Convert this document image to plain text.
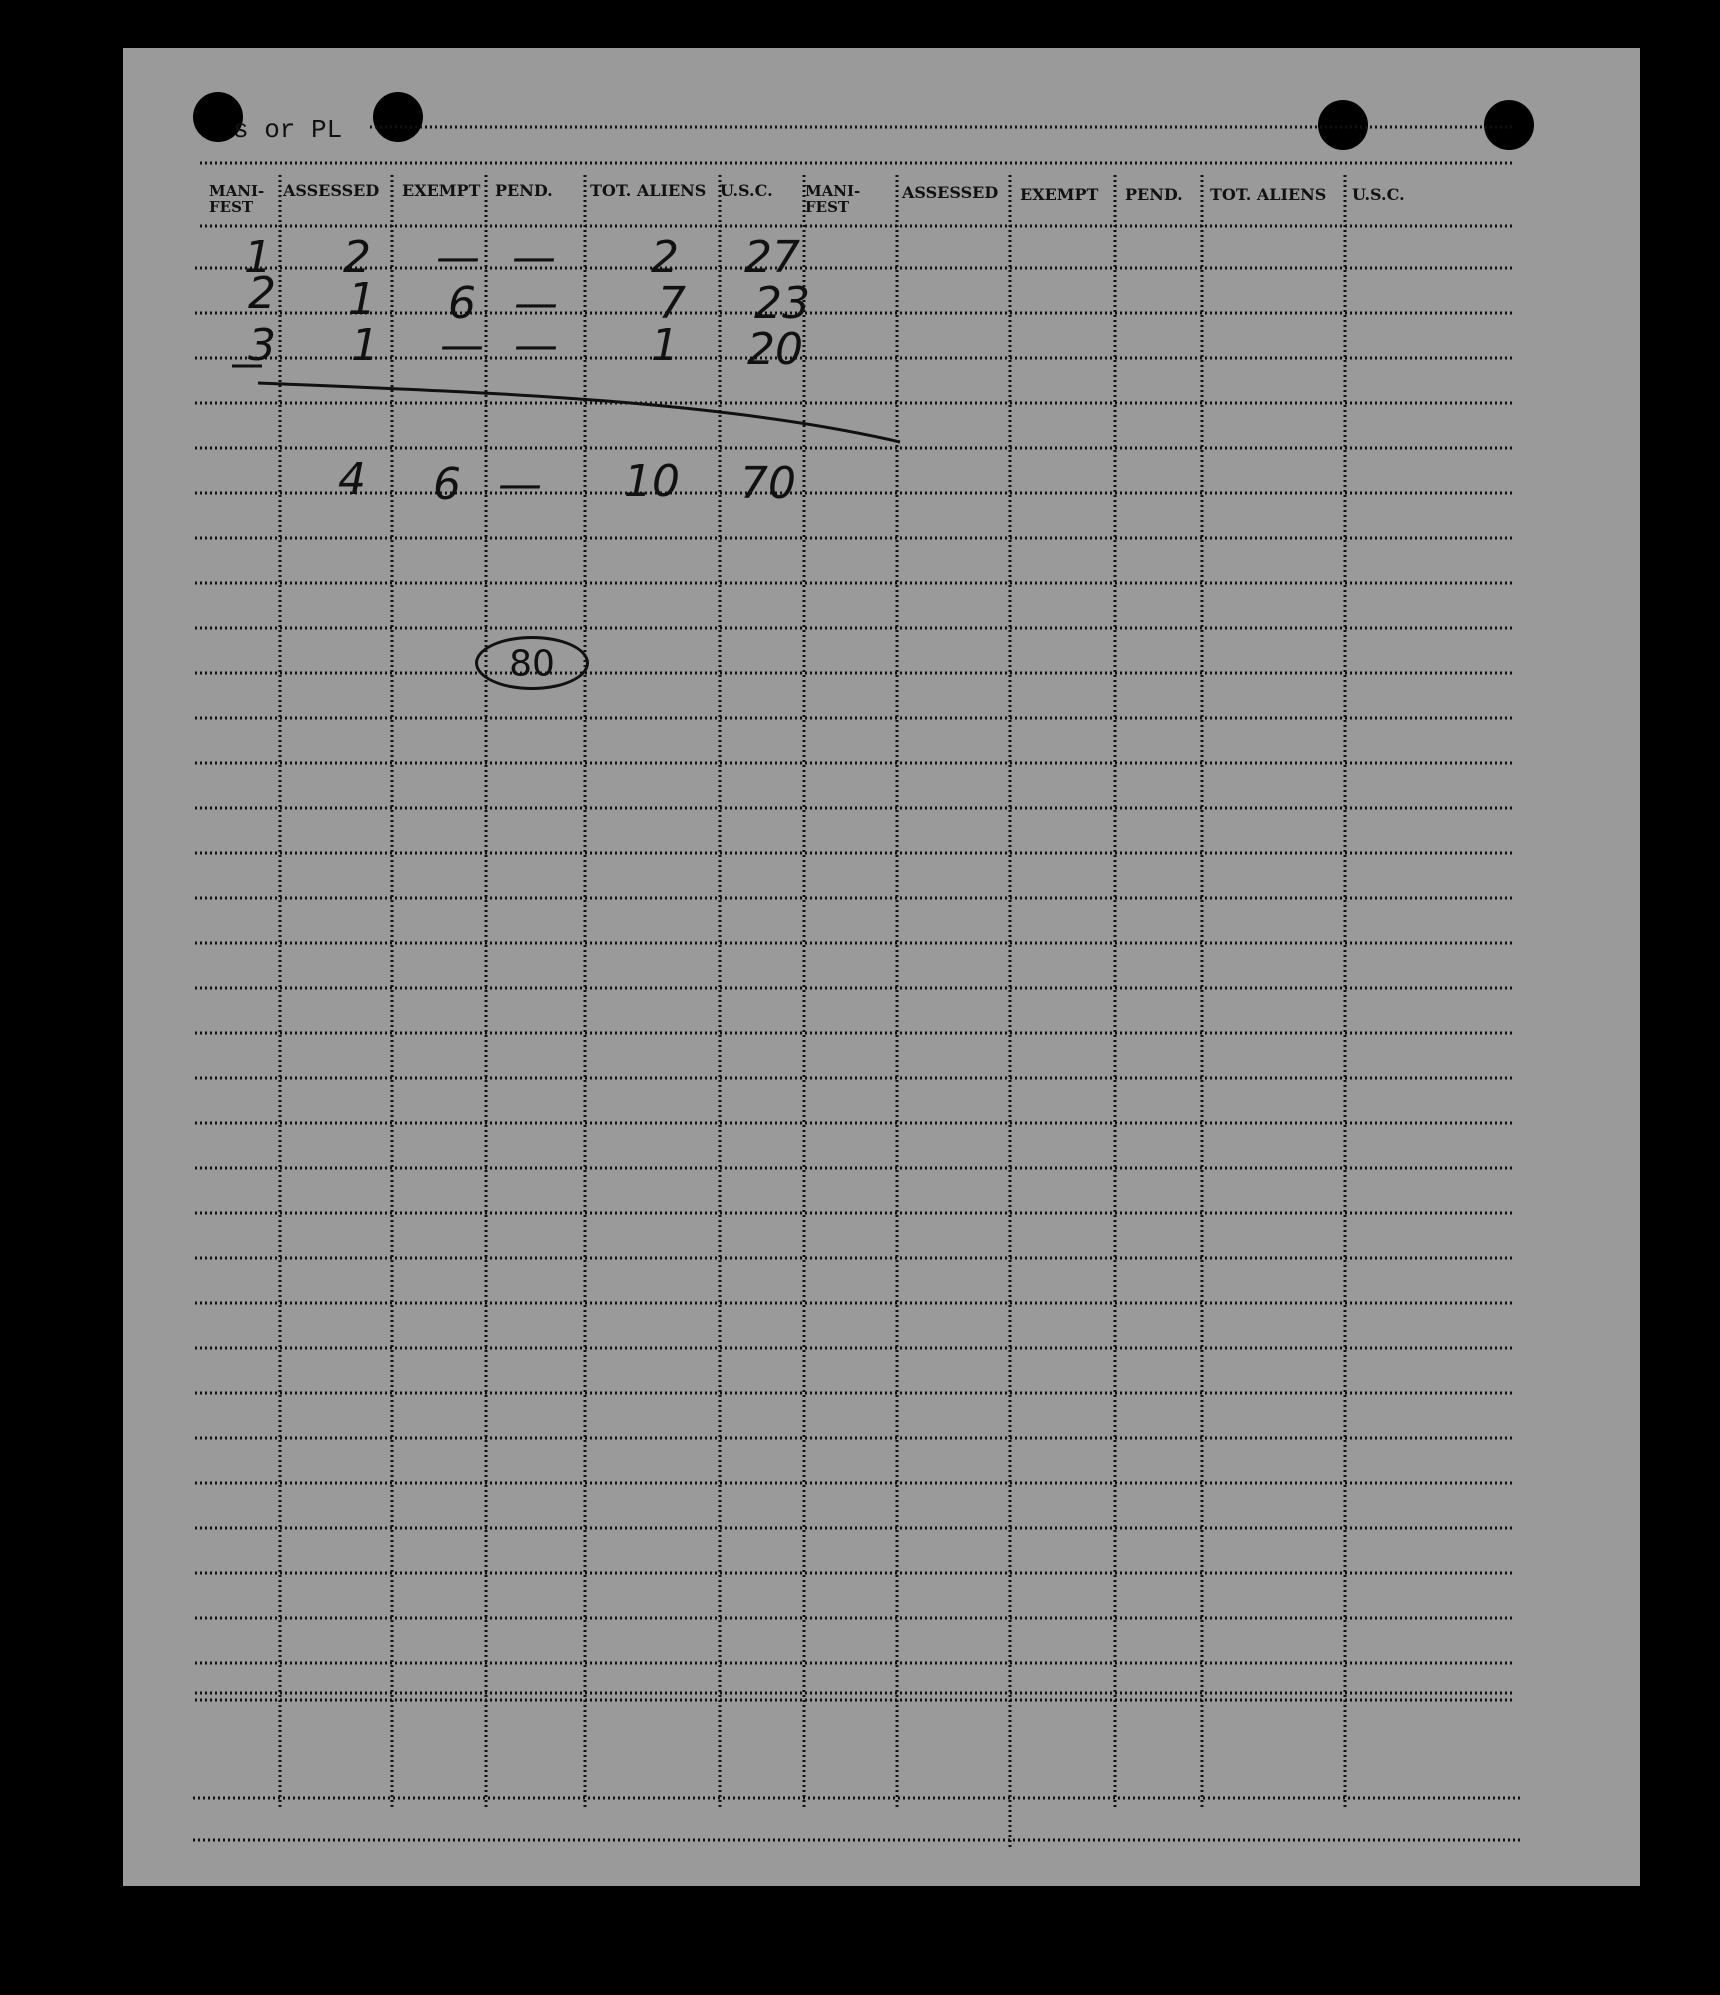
s or PL
MANI-
FEST
ASSESSED EXEMPT PEND. TOT. ALIENS U.S.C. MANI-
FEST
ASSESSED EXEMPT PEND. TOT. ALIENS U.S.C.
1 2 — — 2 27
2 1 6 — 7 23
3 1 — — 1 20
4 6 — 10 70
80
